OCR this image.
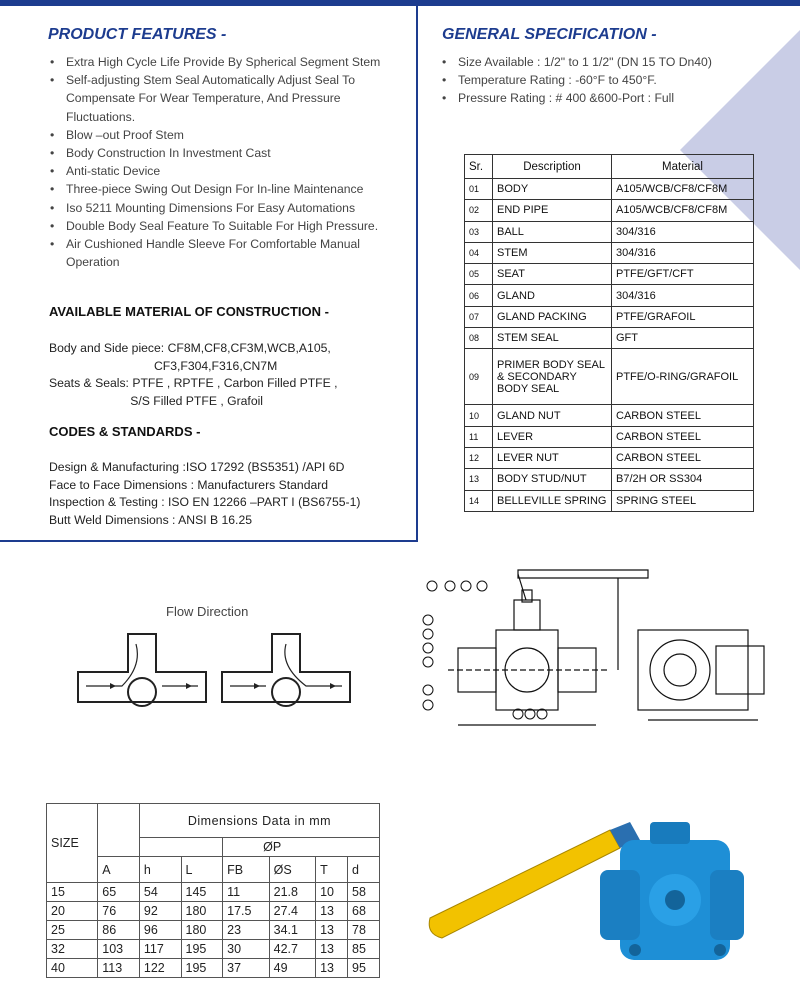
PRODUCT FEATURES -
• Extra High Cycle Life Provide By Spherical Segment Stem
• Self-adjusting Stem Seal Automatically Adjust Seal To Compensate For Wear Temperature, And Pressure Fluctuations.
• Blow –out Proof Stem
• Body Construction In Investment Cast
• Anti-static Device
• Three-piece Swing Out Design For In-line Maintenance
• Iso 5211 Mounting Dimensions For Easy Automations
• Double Body Seal Feature To Suitable For High Pressure.
• Air Cushioned Handle Sleeve For Comfortable Manual Operation
AVAILABLE MATERIAL OF CONSTRUCTION -
Body and Side piece: CF8M,CF8,CF3M,WCB,A105,
CF3,F304,F316,CN7M
Seats & Seals: PTFE , RPTFE , Carbon Filled PTFE ,
S/S Filled PTFE , Grafoil
CODES & STANDARDS -
Design & Manufacturing :ISO 17292 (BS5351) /API 6D
Face to Face Dimensions : Manufacturers Standard
Inspection & Testing : ISO EN 12266 –PART I (BS6755-1)
Butt Weld Dimensions : ANSI B 16.25
GENERAL SPECIFICATION -
• Size Available : 1/2" to 1 1/2" (DN 15 TO Dn40)
• Temperature Rating : -60°F to 450°F.
• Pressure Rating : # 400 &600-Port : Full
Sr.	Description	Material
01	BODY	A105/WCB/CF8/CF8M
02	END PIPE	A105/WCB/CF8/CF8M
03	BALL	304/316
04	STEM	304/316
05	SEAT	PTFE/GFT/CFT
06	GLAND	304/316
07	GLAND PACKING	PTFE/GRAFOIL
08	STEM SEAL	GFT
09	PRIMER BODY SEAL & SECONDARY BODY SEAL	PTFE/O-RING/GRAFOIL
10	GLAND NUT	CARBON STEEL
11	LEVER	CARBON STEEL
12	LEVER NUT	CARBON STEEL
13	BODY STUD/NUT	B7/2H OR SS304
14	BELLEVILLE SPRING	SPRING STEEL
Flow Direction
SIZE		Dimensions Data in mm					
				ØP			
	A	h	L	FB	ØS	T	d
15	65	54	145	11	21.8	10	58
20	76	92	180	17.5	27.4	13	68
25	86	96	180	23	34.1	13	78
32	103	117	195	30	42.7	13	85
40	113	122	195	37	49	13	95
